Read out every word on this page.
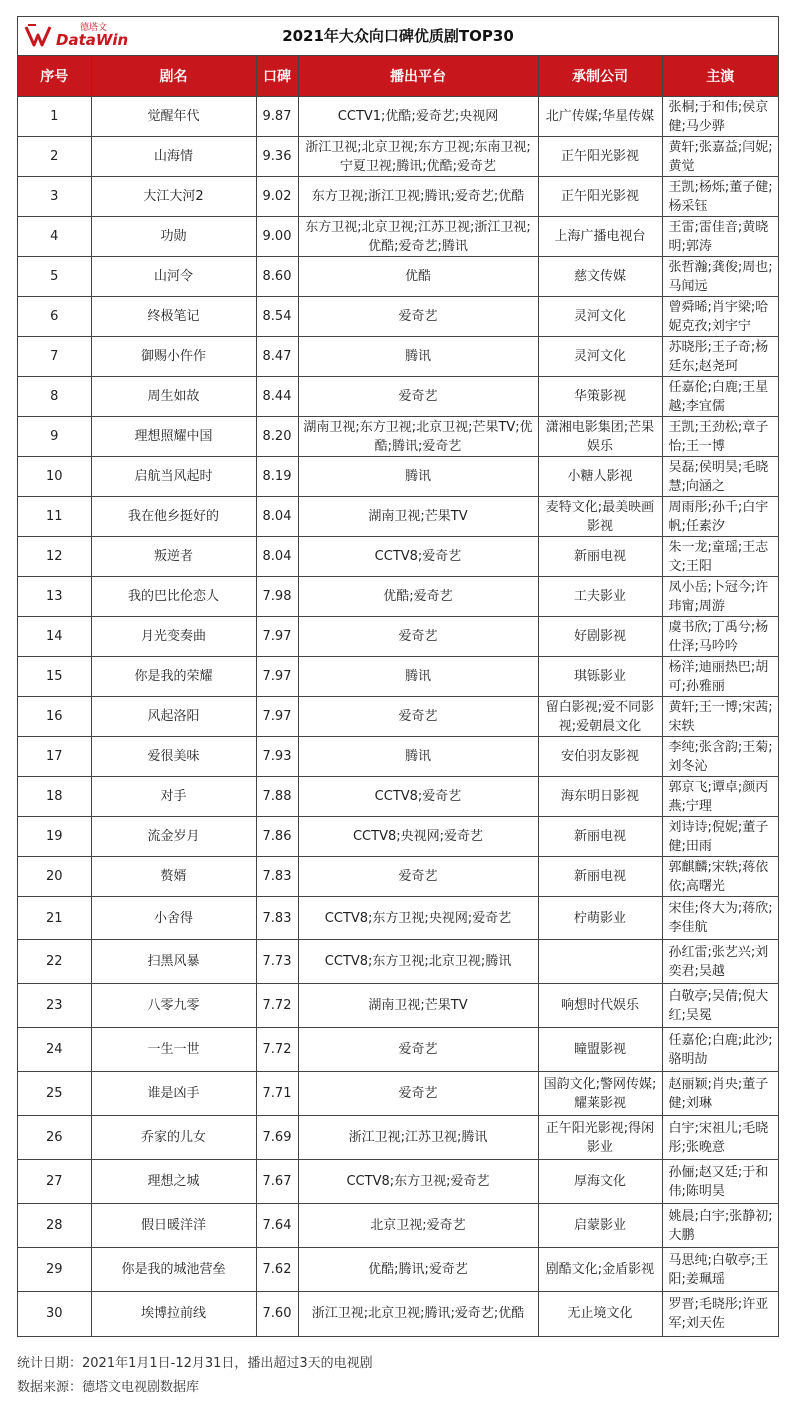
德塔文
DataWin	2021年大众向口碑优质剧TOP30
序号	剧名	口碑	播出平台	承制公司	主演
1	觉醒年代	9.87	CCTV1;优酷;爱奇艺;央视网	北广传媒;华星传媒	张桐;于和伟;侯京健;马少骅
2	山海情	9.36	浙江卫视;北京卫视;东方卫视;东南卫视;宁夏卫视;腾讯;优酷;爱奇艺	正午阳光影视	黄轩;张嘉益;闫妮;黄觉
3	大江大河2	9.02	东方卫视;浙江卫视;腾讯;爱奇艺;优酷	正午阳光影视	王凯;杨烁;董子健;杨采钰
4	功勋	9.00	东方卫视;北京卫视;江苏卫视;浙江卫视;优酷;爱奇艺;腾讯	上海广播电视台	王雷;雷佳音;黄晓明;郭涛
5	山河令	8.60	优酷	慈文传媒	张哲瀚;龚俊;周也;马闻远
6	终极笔记	8.54	爱奇艺	灵河文化	曾舜晞;肖宇梁;哈妮克孜;刘宇宁
7	御赐小仵作	8.47	腾讯	灵河文化	苏晓彤;王子奇;杨廷东;赵尧珂
8	周生如故	8.44	爱奇艺	华策影视	任嘉伦;白鹿;王星越;李宜儒
9	理想照耀中国	8.20	湖南卫视;东方卫视;北京卫视;芒果TV;优酷;腾讯;爱奇艺	潇湘电影集团;芒果娱乐	王凯;王劲松;章子怡;王一博
10	启航当风起时	8.19	腾讯	小糖人影视	吴磊;侯明昊;毛晓慧;向涵之
11	我在他乡挺好的	8.04	湖南卫视;芒果TV	麦特文化;最美映画影视	周雨彤;孙千;白宇帆;任素汐
12	叛逆者	8.04	CCTV8;爱奇艺	新丽电视	朱一龙;童瑶;王志文;王阳
13	我的巴比伦恋人	7.98	优酷;爱奇艺	工夫影业	凤小岳;卜冠今;许玮甯;周游
14	月光变奏曲	7.97	爱奇艺	好剧影视	虞书欣;丁禹兮;杨仕泽;马吟吟
15	你是我的荣耀	7.97	腾讯	琪铄影业	杨洋;迪丽热巴;胡可;孙雅丽
16	风起洛阳	7.97	爱奇艺	留白影视;爱不同影视;爱朝晨文化	黄轩;王一博;宋茜;宋轶
17	爱很美味	7.93	腾讯	安伯羽友影视	李纯;张含韵;王菊;刘冬沁
18	对手	7.88	CCTV8;爱奇艺	海东明日影视	郭京飞;谭卓;颜丙燕;宁理
19	流金岁月	7.86	CCTV8;央视网;爱奇艺	新丽电视	刘诗诗;倪妮;董子健;田雨
20	赘婿	7.83	爱奇艺	新丽电视	郭麒麟;宋轶;蒋依依;高曙光
21	小舍得	7.83	CCTV8;东方卫视;央视网;爱奇艺	柠萌影业	宋佳;佟大为;蒋欣;李佳航
22	扫黑风暴	7.73	CCTV8;东方卫视;北京卫视;腾讯		孙红雷;张艺兴;刘奕君;吴越
23	八零九零	7.72	湖南卫视;芒果TV	响想时代娱乐	白敬亭;吴倩;倪大红;吴冕
24	一生一世	7.72	爱奇艺	瞳盟影视	任嘉伦;白鹿;此沙;骆明劼
25	谁是凶手	7.71	爱奇艺	国韵文化;警网传媒;耀莱影视	赵丽颖;肖央;董子健;刘琳
26	乔家的儿女	7.69	浙江卫视;江苏卫视;腾讯	正午阳光影视;得闲影业	白宇;宋祖儿;毛晓彤;张晚意
27	理想之城	7.67	CCTV8;东方卫视;爱奇艺	厚海文化	孙俪;赵又廷;于和伟;陈明昊
28	假日暖洋洋	7.64	北京卫视;爱奇艺	启蒙影业	姚晨;白宇;张静初;大鹏
29	你是我的城池营垒	7.62	优酷;腾讯;爱奇艺	剧酷文化;金盾影视	马思纯;白敬亭;王阳;姜珮瑶
30	埃博拉前线	7.60	浙江卫视;北京卫视;腾讯;爱奇艺;优酷	无止境文化	罗晋;毛晓彤;许亚军;刘天佐
统计日期：2021年1月1日-12月31日，播出超过3天的电视剧
数据来源：德塔文电视剧数据库
